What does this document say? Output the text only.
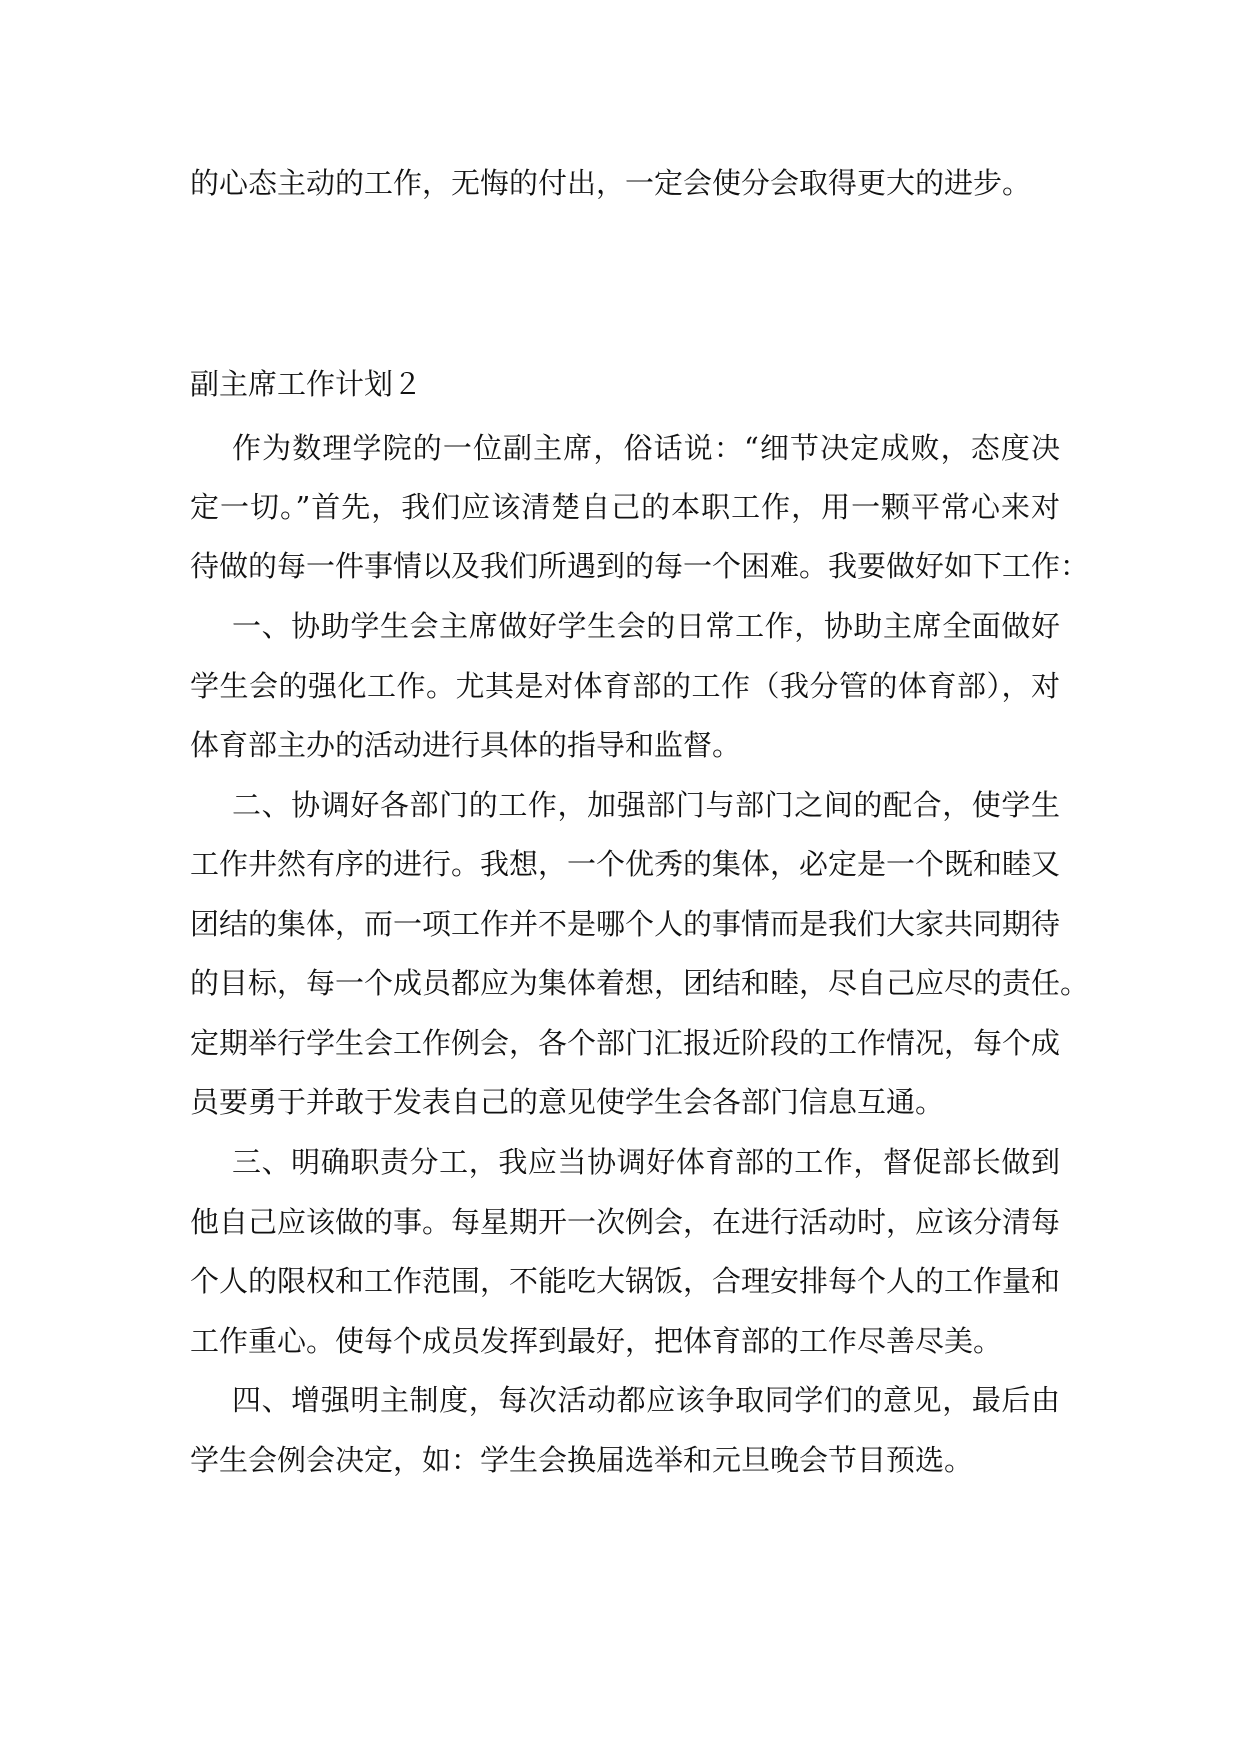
的心态主动的工作，无悔的付出，一定会使分会取得更大的进步。
副主席工作计划２
作为数理学院的一位副主席，俗话说：“细节决定成败，态度决
定一切。”首先，我们应该清楚自己的本职工作，用一颗平常心来对
待做的每一件事情以及我们所遇到的每一个困难。我要做好如下工作：
一、协助学生会主席做好学生会的日常工作，协助主席全面做好
学生会的强化工作。尤其是对体育部的工作（我分管的体育部），对
体育部主办的活动进行具体的指导和监督。
二、协调好各部门的工作，加强部门与部门之间的配合，使学生
工作井然有序的进行。我想，一个优秀的集体，必定是一个既和睦又
团结的集体，而一项工作并不是哪个人的事情而是我们大家共同期待
的目标，每一个成员都应为集体着想，团结和睦，尽自己应尽的责任。
定期举行学生会工作例会，各个部门汇报近阶段的工作情况，每个成
员要勇于并敢于发表自己的意见使学生会各部门信息互通。
三、明确职责分工，我应当协调好体育部的工作，督促部长做到
他自己应该做的事。每星期开一次例会，在进行活动时，应该分清每
个人的限权和工作范围，不能吃大锅饭，合理安排每个人的工作量和
工作重心。使每个成员发挥到最好，把体育部的工作尽善尽美。
四、增强明主制度，每次活动都应该争取同学们的意见，最后由
学生会例会决定，如：学生会换届选举和元旦晚会节目预选。
